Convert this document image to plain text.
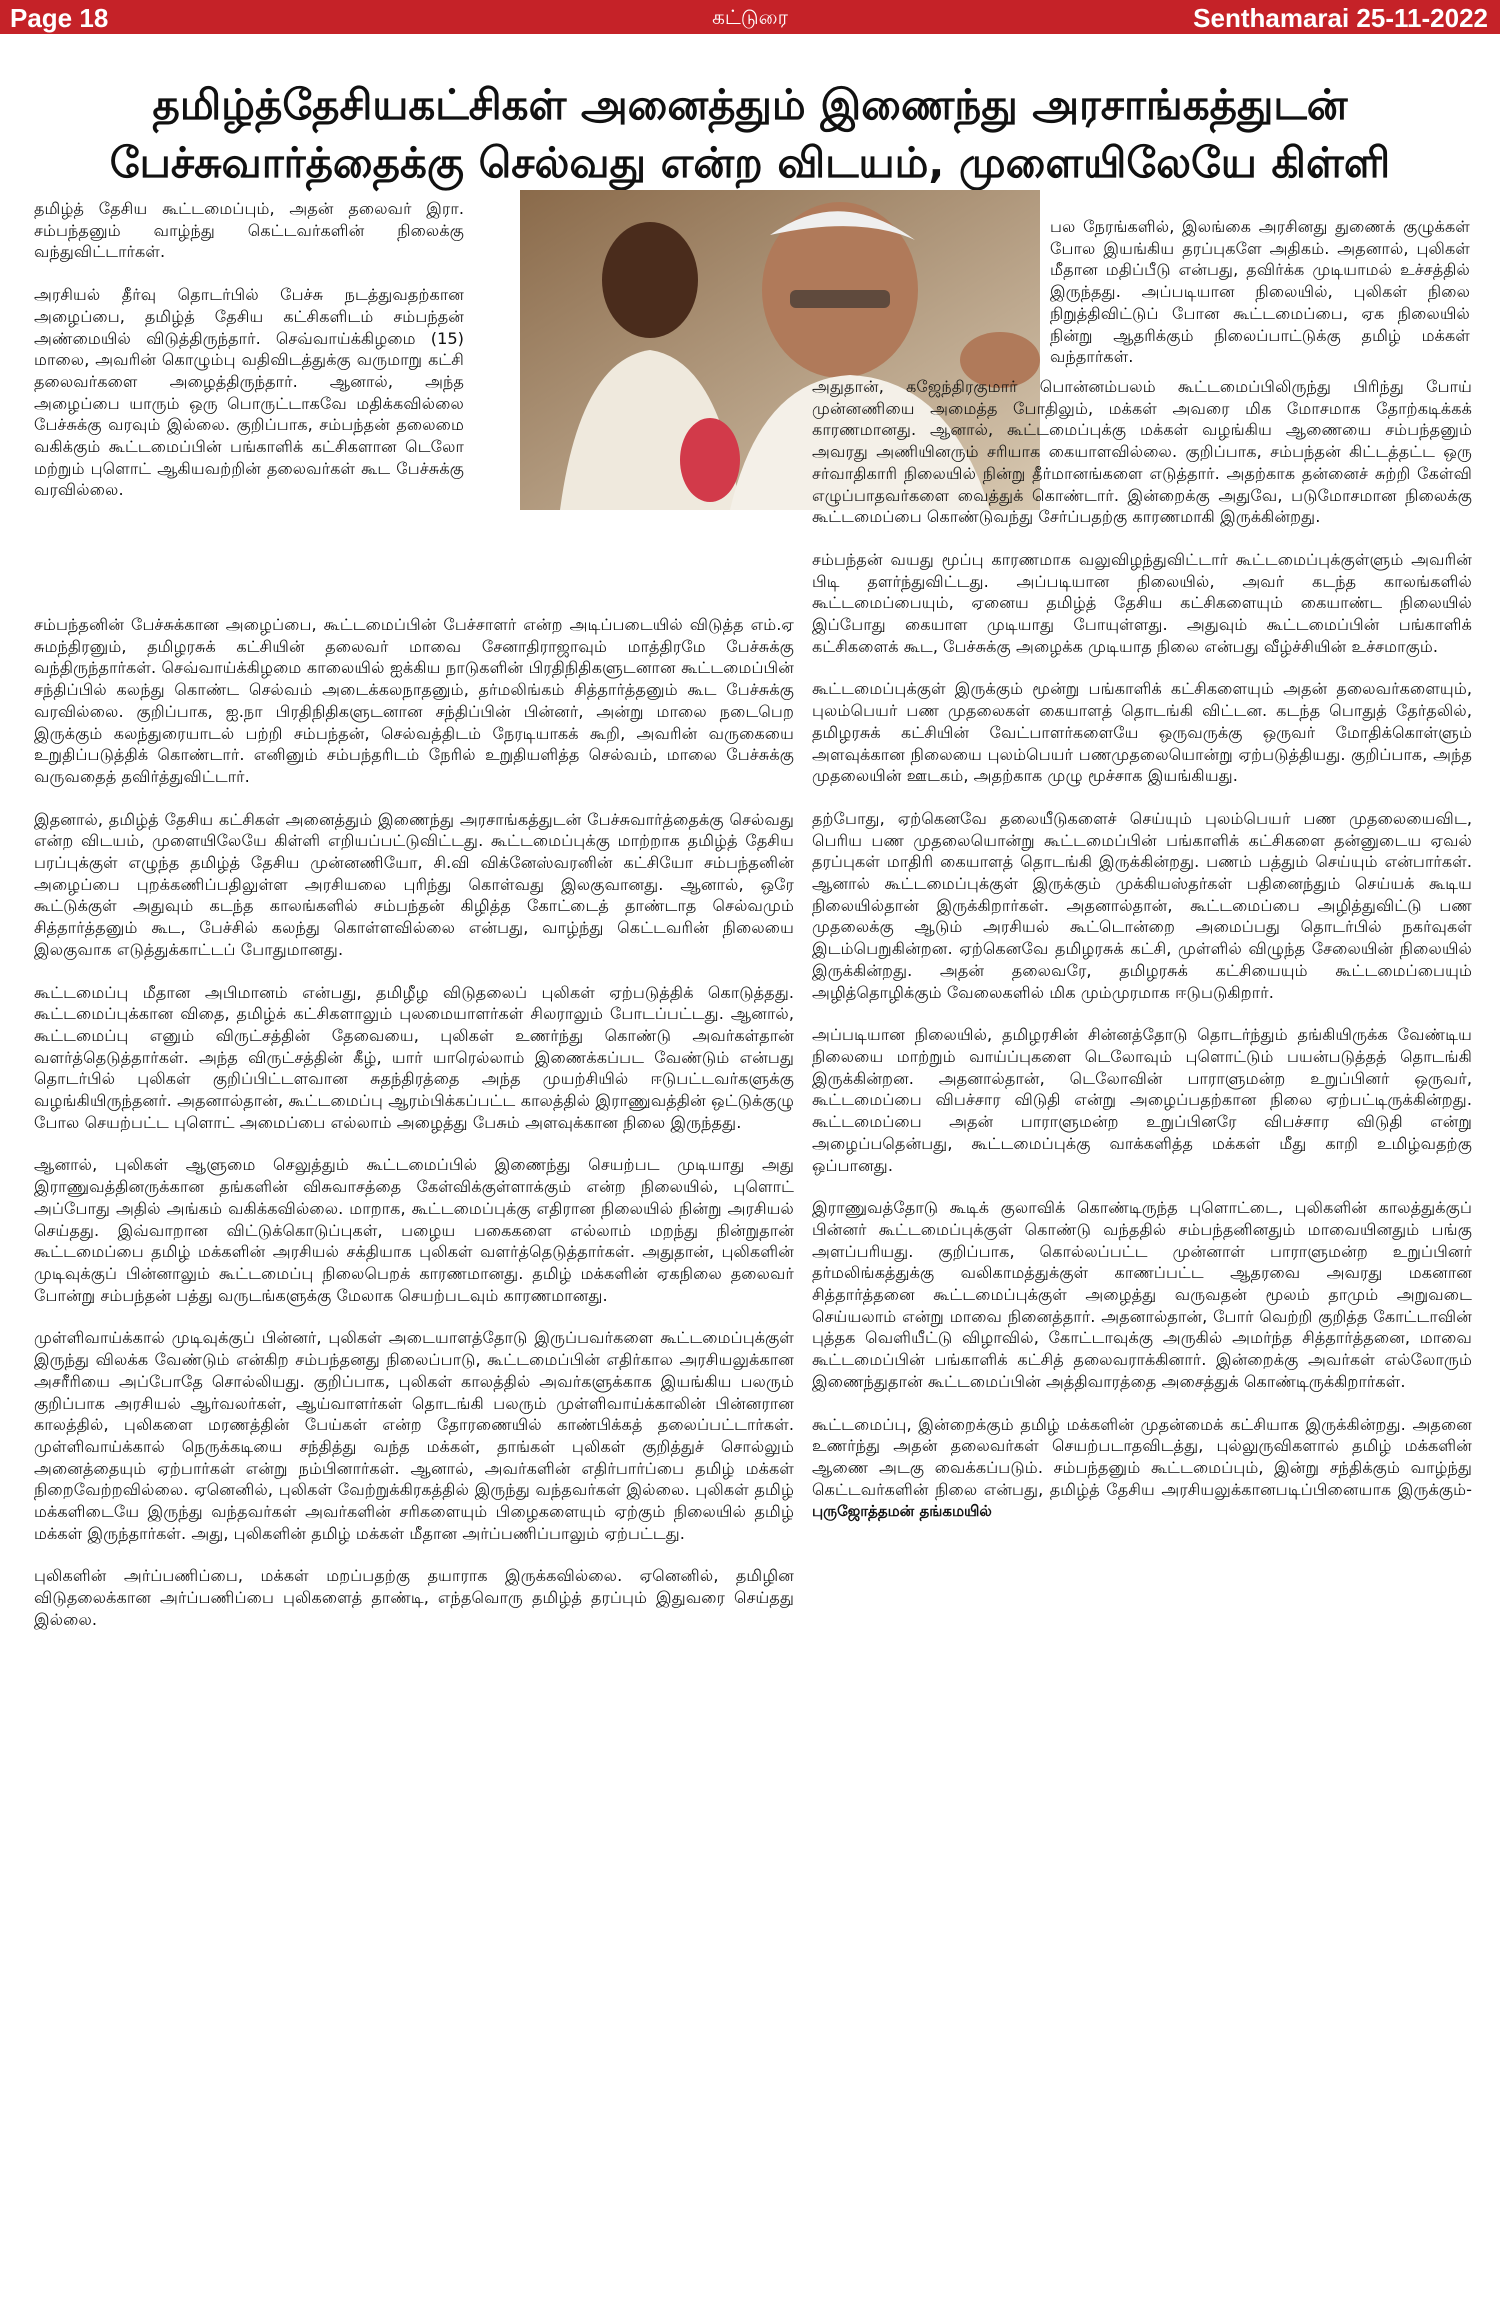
Page 18	கட்டுரை	Senthamarai 25-11-2022
தமிழ்த்தேசியகட்சிகள் அனைத்தும் இணைந்து அரசாங்கத்துடன் பேச்சுவார்த்தைக்கு செல்வது என்ற விடயம், முளையிலேயே கிள்ளி

தமிழ்த் தேசிய கூட்டமைப்பும், அதன் தலைவர் இரா. சம்பந்தனும் வாழ்ந்து கெட்டவர்களின் நிலைக்கு வந்துவிட்டார்கள்.

அரசியல் தீர்வு தொடர்பில் பேச்சு நடத்துவதற்கான அழைப்பை, தமிழ்த் தேசிய கட்சிகளிடம் சம்பந்தன் அண்மையில் விடுத்திருந்தார். செவ்வாய்க்கிழமை (15) மாலை, அவரின் கொழும்பு வதிவிடத்துக்கு வருமாறு கட்சி தலைவர்களை அழைத்திருந்தார். ஆனால், அந்த அழைப்பை யாரும் ஒரு பொருட்டாகவே மதிக்கவில்லை பேச்சுக்கு வரவும் இல்லை. குறிப்பாக, சம்பந்தன் தலைமை வகிக்கும் கூட்டமைப்பின் பங்காளிக் கட்சிகளான டெலோ மற்றும் புளொட் ஆகியவற்றின் தலைவர்கள் கூட பேச்சுக்கு வரவில்லை.

பல நேரங்களில், இலங்கை அரசினது துணைக் குழுக்கள் போல இயங்கிய தரப்புகளே அதிகம். அதனால், புலிகள் மீதான மதிப்பீடு என்பது, தவிர்க்க முடியாமல் உச்சத்தில் இருந்தது. அப்படியான நிலையில், புலிகள் நிலை நிறுத்திவிட்டுப் போன கூட்டமைப்பை, ஏக நிலையில் நின்று ஆதரிக்கும் நிலைப்பாட்டுக்கு தமிழ் மக்கள் வந்தார்கள்.

சம்பந்தனின் பேச்சுக்கான அழைப்பை, கூட்டமைப்பின் பேச்சாளர் என்ற அடிப்படையில் விடுத்த எம்.ஏ சுமந்திரனும், தமிழரசுக் கட்சியின் தலைவர் மாவை சேனாதிராஜாவும் மாத்திரமே பேச்சுக்கு வந்திருந்தார்கள். செவ்வாய்க்கிழமை காலையில் ஐக்கிய நாடுகளின் பிரதிநிதிகளுடனான கூட்டமைப்பின் சந்திப்பில் கலந்து கொண்ட செல்வம் அடைக்கலநாதனும், தர்மலிங்கம் சித்தார்த்தனும் கூட பேச்சுக்கு வரவில்லை. குறிப்பாக, ஐ.நா பிரதிநிதிகளுடனான சந்திப்பின் பின்னர், அன்று மாலை நடைபெற இருக்கும் கலந்துரையாடல் பற்றி சம்பந்தன், செல்வத்திடம் நேரடியாகக் கூறி, அவரின் வருகையை உறுதிப்படுத்திக் கொண்டார். எனினும் சம்பந்தரிடம் நேரில் உறுதியளித்த செல்வம், மாலை பேச்சுக்கு வருவதைத் தவிர்த்துவிட்டார்.

இதனால், தமிழ்த் தேசிய கட்சிகள் அனைத்தும் இணைந்து அரசாங்கத்துடன் பேச்சுவார்த்தைக்கு செல்வது என்ற விடயம், முளையிலேயே கிள்ளி எறியப்பட்டுவிட்டது. கூட்டமைப்புக்கு மாற்றாக தமிழ்த் தேசிய பரப்புக்குள் எழுந்த தமிழ்த் தேசிய முன்னணியோ, சி.வி விக்னேஸ்வரனின் கட்சியோ சம்பந்தனின் அழைப்பை புறக்கணிப்பதிலுள்ள அரசியலை புரிந்து கொள்வது இலகுவானது. ஆனால், ஒரே கூட்டுக்குள் அதுவும் கடந்த காலங்களில் சம்பந்தன் கிழித்த கோட்டைத் தாண்டாத செல்வமும் சித்தார்த்தனும் கூட, பேச்சில் கலந்து கொள்ளவில்லை என்பது, வாழ்ந்து கெட்டவரின் நிலையை இலகுவாக எடுத்துக்காட்டப் போதுமானது.

கூட்டமைப்பு மீதான அபிமானம் என்பது, தமிழீழ விடுதலைப் புலிகள் ஏற்படுத்திக் கொடுத்தது. கூட்டமைப்புக்கான விதை, தமிழ்க் கட்சிகளாலும் புலமையாளர்கள் சிலராலும் போடப்பட்டது. ஆனால், கூட்டமைப்பு எனும் விருட்சத்தின் தேவையை, புலிகள் உணர்ந்து கொண்டு அவர்கள்தான் வளர்த்தெடுத்தார்கள். அந்த விருட்சத்தின் கீழ், யார் யாரெல்லாம் இணைக்கப்பட வேண்டும் என்பது தொடர்பில் புலிகள் குறிப்பிட்டளவான சுதந்திரத்தை அந்த முயற்சியில் ஈடுபட்டவர்களுக்கு வழங்கியிருந்தனர். அதனால்தான், கூட்டமைப்பு ஆரம்பிக்கப்பட்ட காலத்தில் இராணுவத்தின் ஒட்டுக்குழு போல செயற்பட்ட புளொட் அமைப்பை எல்லாம் அழைத்து பேசும் அளவுக்கான நிலை இருந்தது.

ஆனால், புலிகள் ஆளுமை செலுத்தும் கூட்டமைப்பில் இணைந்து செயற்பட முடியாது அது இராணுவத்தினருக்கான தங்களின் விசுவாசத்தை கேள்விக்குள்ளாக்கும் என்ற நிலையில், புளொட் அப்போது அதில் அங்கம் வகிக்கவில்லை. மாறாக, கூட்டமைப்புக்கு எதிரான நிலையில் நின்று அரசியல் செய்தது. இவ்வாறான விட்டுக்கொடுப்புகள், பழைய பகைகளை எல்லாம் மறந்து நின்றுதான் கூட்டமைப்பை தமிழ் மக்களின் அரசியல் சக்தியாக புலிகள் வளர்த்தெடுத்தார்கள். அதுதான், புலிகளின் முடிவுக்குப் பின்னாலும் கூட்டமைப்பு நிலைபெறக் காரணமானது. தமிழ் மக்களின் ஏகநிலை தலைவர் போன்று சம்பந்தன் பத்து வருடங்களுக்கு மேலாக செயற்படவும் காரணமானது.

முள்ளிவாய்க்கால் முடிவுக்குப் பின்னர், புலிகள் அடையாளத்தோடு இருப்பவர்களை கூட்டமைப்புக்குள் இருந்து விலக்க வேண்டும் என்கிற சம்பந்தனது நிலைப்பாடு, கூட்டமைப்பின் எதிர்கால அரசியலுக்கான அசரீரியை அப்போதே சொல்லியது. குறிப்பாக, புலிகள் காலத்தில் அவர்களுக்காக இயங்கிய பலரும் குறிப்பாக அரசியல் ஆர்வலர்கள், ஆய்வாளர்கள் தொடங்கி பலரும் முள்ளிவாய்க்காலின் பின்னரான காலத்தில், புலிகளை மரணத்தின் பேய்கள் என்ற தோரணையில் காண்பிக்கத் தலைப்பட்டார்கள். முள்ளிவாய்க்கால் நெருக்கடியை சந்தித்து வந்த மக்கள், தாங்கள் புலிகள் குறித்துச் சொல்லும் அனைத்தையும் ஏற்பார்கள் என்று நம்பினார்கள். ஆனால், அவர்களின் எதிர்பார்ப்பை தமிழ் மக்கள் நிறைவேற்றவில்லை. ஏனெனில், புலிகள் வேற்றுக்கிரகத்தில் இருந்து வந்தவர்கள் இல்லை. புலிகள் தமிழ் மக்களிடையே இருந்து வந்தவர்கள் அவர்களின் சரிகளையும் பிழைகளையும் ஏற்கும் நிலையில் தமிழ் மக்கள் இருந்தார்கள். அது, புலிகளின் தமிழ் மக்கள் மீதான அர்ப்பணிப்பாலும் ஏற்பட்டது.

புலிகளின் அர்ப்பணிப்பை, மக்கள் மறப்பதற்கு தயாராக இருக்கவில்லை. ஏனெனில், தமிழின விடுதலைக்கான அர்ப்பணிப்பை புலிகளைத் தாண்டி, எந்தவொரு தமிழ்த் தரப்பும் இதுவரை செய்தது இல்லை.

அதுதான், கஜேந்திரகுமார் பொன்னம்பலம் கூட்டமைப்பிலிருந்து பிரிந்து போய் முன்னணியை அமைத்த போதிலும், மக்கள் அவரை மிக மோசமாக தோற்கடிக்கக் காரணமானது. ஆனால், கூட்டமைப்புக்கு மக்கள் வழங்கிய ஆணையை சம்பந்தனும் அவரது அணியினரும் சரியாக கையாளவில்லை. குறிப்பாக, சம்பந்தன் கிட்டத்தட்ட ஒரு சர்வாதிகாரி நிலையில் நின்று தீர்மானங்களை எடுத்தார். அதற்காக தன்னைச் சுற்றி கேள்வி எழுப்பாதவர்களை வைத்துக் கொண்டார். இன்றைக்கு அதுவே, படுமோசமான நிலைக்கு கூட்டமைப்பை கொண்டுவந்து சேர்ப்பதற்கு காரணமாகி இருக்கின்றது.

சம்பந்தன் வயது மூப்பு காரணமாக வலுவிழந்துவிட்டார் கூட்டமைப்புக்குள்ளும் அவரின் பிடி தளர்ந்துவிட்டது. அப்படியான நிலையில், அவர் கடந்த காலங்களில் கூட்டமைப்பையும், ஏனைய தமிழ்த் தேசிய கட்சிகளையும் கையாண்ட நிலையில் இப்போது கையாள முடியாது போயுள்ளது. அதுவும் கூட்டமைப்பின் பங்காளிக் கட்சிகளைக் கூட, பேச்சுக்கு அழைக்க முடியாத நிலை என்பது வீழ்ச்சியின் உச்சமாகும்.

கூட்டமைப்புக்குள் இருக்கும் மூன்று பங்காளிக் கட்சிகளையும் அதன் தலைவர்களையும், புலம்பெயர் பண முதலைகள் கையாளத் தொடங்கி விட்டன. கடந்த பொதுத் தேர்தலில், தமிழரசுக் கட்சியின் வேட்பாளர்களையே ஒருவருக்கு ஒருவர் மோதிக்கொள்ளும் அளவுக்கான நிலையை புலம்பெயர் பணமுதலையொன்று ஏற்படுத்தியது. குறிப்பாக, அந்த முதலையின் ஊடகம், அதற்காக முழு மூச்சாக இயங்கியது.

தற்போது, ஏற்கெனவே தலையீடுகளைச் செய்யும் புலம்பெயர் பண முதலையைவிட, பெரிய பண முதலையொன்று கூட்டமைப்பின் பங்காளிக் கட்சிகளை தன்னுடைய ஏவல் தரப்புகள் மாதிரி கையாளத் தொடங்கி இருக்கின்றது. பணம் பத்தும் செய்யும் என்பார்கள். ஆனால் கூட்டமைப்புக்குள் இருக்கும் முக்கியஸ்தர்கள் பதினைந்தும் செய்யக் கூடிய நிலையில்தான் இருக்கிறார்கள். அதனால்தான், கூட்டமைப்பை அழித்துவிட்டு பண முதலைக்கு ஆடும் அரசியல் கூட்டொன்றை அமைப்பது தொடர்பில் நகர்வுகள் இடம்பெறுகின்றன. ஏற்கெனவே தமிழரசுக் கட்சி, முள்ளில் விழுந்த சேலையின் நிலையில் இருக்கின்றது. அதன் தலைவரே, தமிழரசுக் கட்சியையும் கூட்டமைப்பையும் அழித்தொழிக்கும் வேலைகளில் மிக மும்முரமாக ஈடுபடுகிறார்.

அப்படியான நிலையில், தமிழரசின் சின்னத்தோடு தொடர்ந்தும் தங்கியிருக்க வேண்டிய நிலையை மாற்றும் வாய்ப்புகளை டெலோவும் புளொட்டும் பயன்படுத்தத் தொடங்கி இருக்கின்றன. அதனால்தான், டெலோவின் பாராளுமன்ற உறுப்பினர் ஒருவர், கூட்டமைப்பை விபச்சார விடுதி என்று அழைப்பதற்கான நிலை ஏற்பட்டிருக்கின்றது. கூட்டமைப்பை அதன் பாராளுமன்ற உறுப்பினரே விபச்சார விடுதி என்று அழைப்பதென்பது, கூட்டமைப்புக்கு வாக்களித்த மக்கள் மீது காறி உமிழ்வதற்கு ஒப்பானது.

இராணுவத்தோடு கூடிக் குலாவிக் கொண்டிருந்த புளொட்டை, புலிகளின் காலத்துக்குப் பின்னர் கூட்டமைப்புக்குள் கொண்டு வந்ததில் சம்பந்தனினதும் மாவையினதும் பங்கு அளப்பரியது. குறிப்பாக, கொல்லப்பட்ட முன்னாள் பாராளுமன்ற உறுப்பினர் தர்மலிங்கத்துக்கு வலிகாமத்துக்குள் காணப்பட்ட ஆதரவை அவரது மகனான சித்தார்த்தனை கூட்டமைப்புக்குள் அழைத்து வருவதன் மூலம் தாமும் அறுவடை செய்யலாம் என்று மாவை நினைத்தார். அதனால்தான், போர் வெற்றி குறித்த கோட்டாவின் புத்தக வெளியீட்டு விழாவில், கோட்டாவுக்கு அருகில் அமர்ந்த சித்தார்த்தனை, மாவை கூட்டமைப்பின் பங்காளிக் கட்சித் தலைவராக்கினார். இன்றைக்கு அவர்கள் எல்லோரும் இணைந்துதான் கூட்டமைப்பின் அத்திவாரத்தை அசைத்துக் கொண்டிருக்கிறார்கள்.

கூட்டமைப்பு, இன்றைக்கும் தமிழ் மக்களின் முதன்மைக் கட்சியாக இருக்கின்றது. அதனை உணர்ந்து அதன் தலைவர்கள் செயற்படாதவிடத்து, புல்லுருவிகளால் தமிழ் மக்களின் ஆணை அடகு வைக்கப்படும். சம்பந்தனும் கூட்டமைப்பும், இன்று சந்திக்கும் வாழ்ந்து கெட்டவர்களின் நிலை என்பது, தமிழ்த் தேசிய அரசியலுக்கானபடிப்பினையாக இருக்கும்- புருஜோத்தமன் தங்கமயில்
